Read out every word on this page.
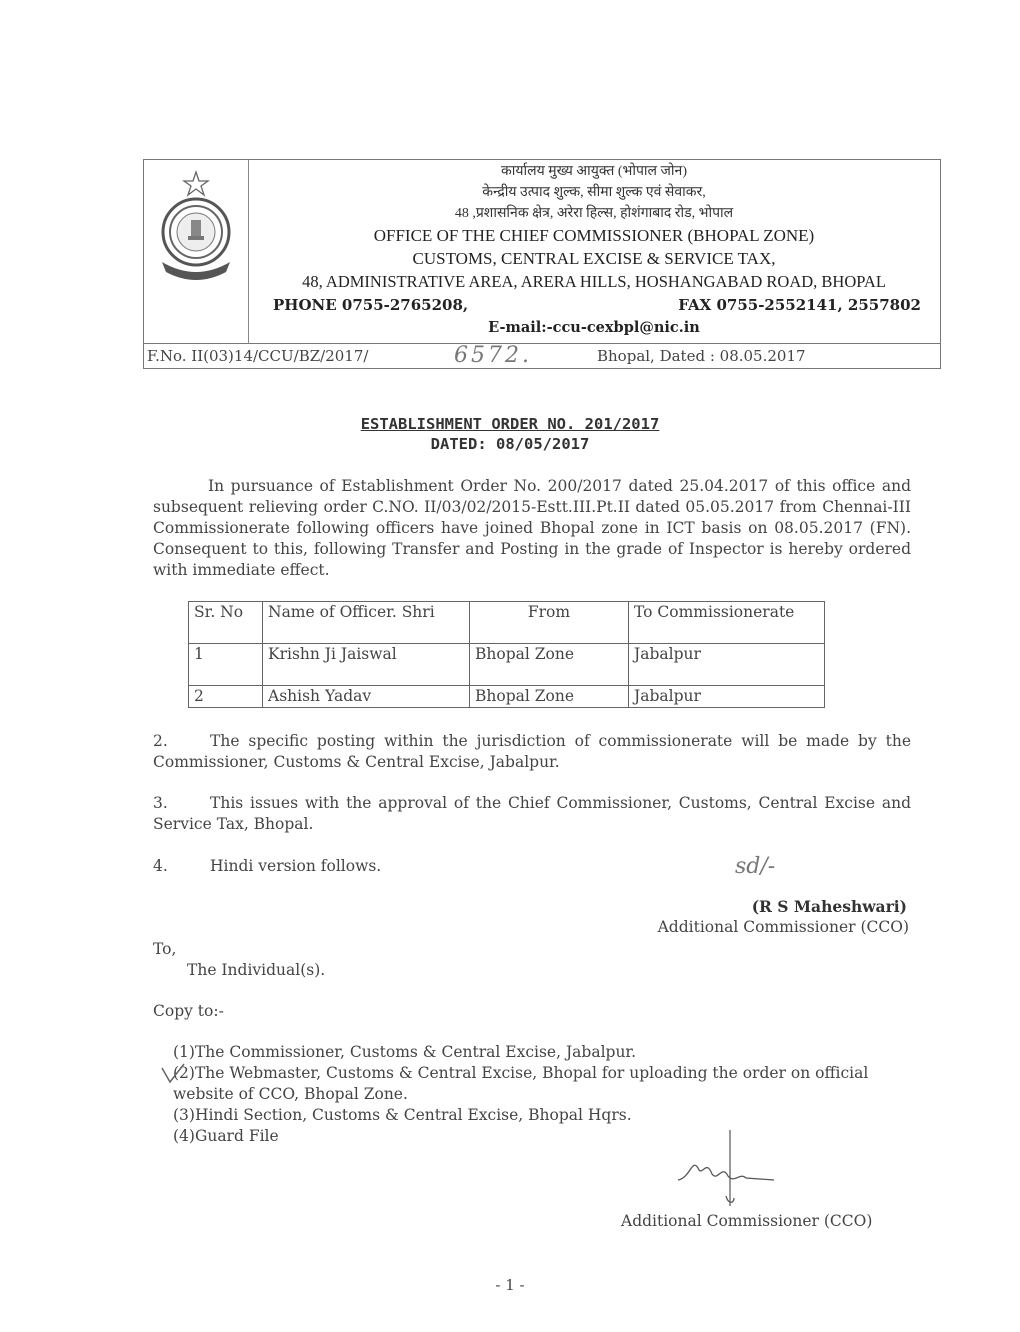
कार्यालय मुख्य आयुक्त (भोपाल जोन)
केन्द्रीय उत्पाद शुल्क, सीमा शुल्क एवं सेवाकर,
48 ,प्रशासनिक क्षेत्र, अरेरा हिल्स, होशंगाबाद रोड, भोपाल
OFFICE OF THE CHIEF COMMISSIONER (BHOPAL ZONE)
CUSTOMS, CENTRAL EXCISE & SERVICE TAX,
48, ADMINISTRATIVE AREA, ARERA HILLS, HOSHANGABAD ROAD, BHOPAL
PHONE 0755-2765208,	FAX 0755-2552141, 2557802
E-mail:-ccu-cexbpl@nic.in
F.No. II(03)14/CCU/BZ/2017/	6572.	Bhopal, Dated : 08.05.2017
ESTABLISHMENT ORDER NO. 201/2017
DATED: 08/05/2017
In pursuance of Establishment Order No. 200/2017 dated 25.04.2017 of this office and subsequent relieving order C.NO. II/03/02/2015-Estt.III.Pt.II dated 05.05.2017 from Chennai-III Commissionerate following officers have joined Bhopal zone in ICT basis on 08.05.2017 (FN). Consequent to this, following Transfer and Posting in the grade of Inspector is hereby ordered with immediate effect.
Sr. No	Name of Officer. Shri	From	To Commissionerate
1	Krishn Ji Jaiswal	Bhopal Zone	Jabalpur
2	Ashish Yadav	Bhopal Zone	Jabalpur
2.	The specific posting within the jurisdiction of commissionerate will be made by the Commissioner, Customs & Central Excise, Jabalpur.
3.	This issues with the approval of the Chief Commissioner, Customs, Central Excise and Service Tax, Bhopal.
4.	Hindi version follows.	sd/-
(R S Maheshwari)
Additional Commissioner (CCO)
To,
The Individual(s).
Copy to:-
(1)The Commissioner, Customs & Central Excise, Jabalpur.
(2)The Webmaster, Customs & Central Excise, Bhopal for uploading the order on official website of CCO, Bhopal Zone.
(3)Hindi Section, Customs & Central Excise, Bhopal Hqrs.
(4)Guard File
Additional Commissioner (CCO)
- 1 -
